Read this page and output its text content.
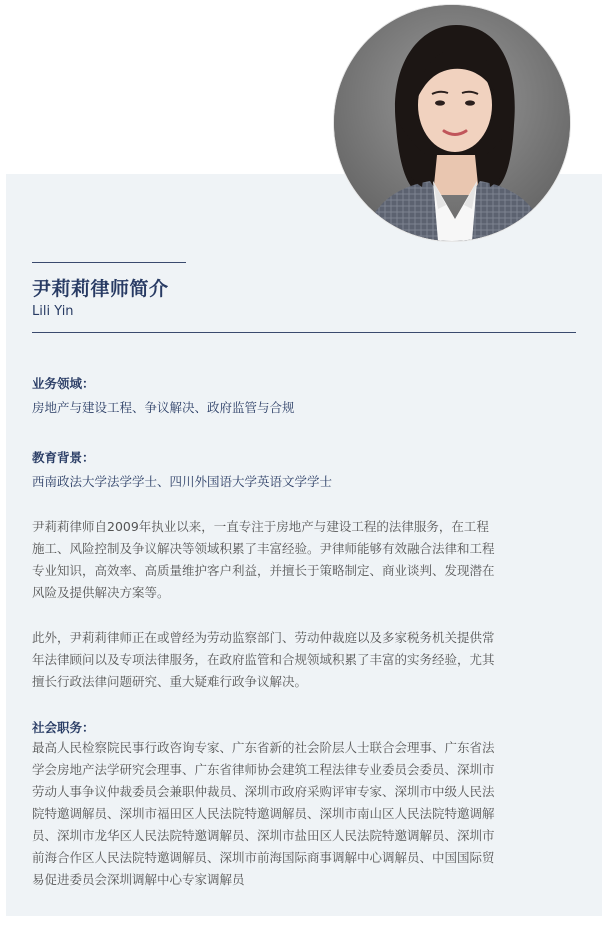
尹莉莉律师简介
Lili Yin
业务领域：
房地产与建设工程、争议解决、政府监管与合规
教育背景：
西南政法大学法学学士、四川外国语大学英语文学学士
尹莉莉律师自2009年执业以来，一直专注于房地产与建设工程的法律服务，在工程
施工、风险控制及争议解决等领域积累了丰富经验。尹律师能够有效融合法律和工程
专业知识，高效率、高质量维护客户利益，并擅长于策略制定、商业谈判、发现潜在
风险及提供解决方案等。
此外，尹莉莉律师正在或曾经为劳动监察部门、劳动仲裁庭以及多家税务机关提供常
年法律顾问以及专项法律服务，在政府监管和合规领域积累了丰富的实务经验，尤其
擅长行政法律问题研究、重大疑难行政争议解决。
社会职务：
最高人民检察院民事行政咨询专家、广东省新的社会阶层人士联合会理事、广东省法
学会房地产法学研究会理事、广东省律师协会建筑工程法律专业委员会委员、深圳市
劳动人事争议仲裁委员会兼职仲裁员、深圳市政府采购评审专家、深圳市中级人民法
院特邀调解员、深圳市福田区人民法院特邀调解员、深圳市南山区人民法院特邀调解
员、深圳市龙华区人民法院特邀调解员、深圳市盐田区人民法院特邀调解员、深圳市
前海合作区人民法院特邀调解员、深圳市前海国际商事调解中心调解员、中国国际贸
易促进委员会深圳调解中心专家调解员
